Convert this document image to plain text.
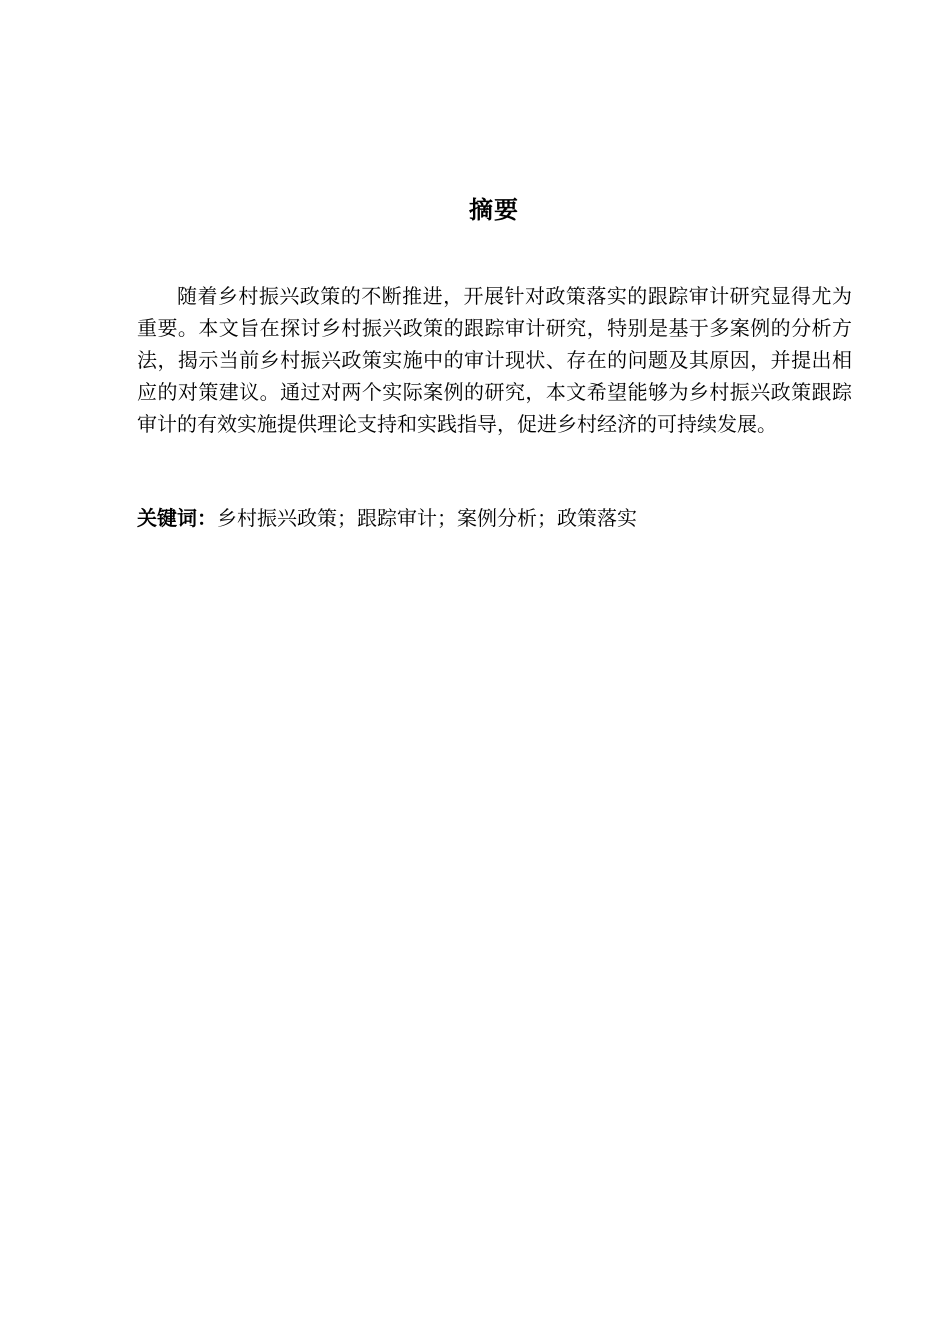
摘要

随着乡村振兴政策的不断推进，开展针对政策落实的跟踪审计研究显得尤为重要。本文旨在探讨乡村振兴政策的跟踪审计研究，特别是基于多案例的分析方法，揭示当前乡村振兴政策实施中的审计现状、存在的问题及其原因，并提出相应的对策建议。通过对两个实际案例的研究，本文希望能够为乡村振兴政策跟踪审计的有效实施提供理论支持和实践指导，促进乡村经济的可持续发展。

关键词：乡村振兴政策；跟踪审计；案例分析；政策落实
